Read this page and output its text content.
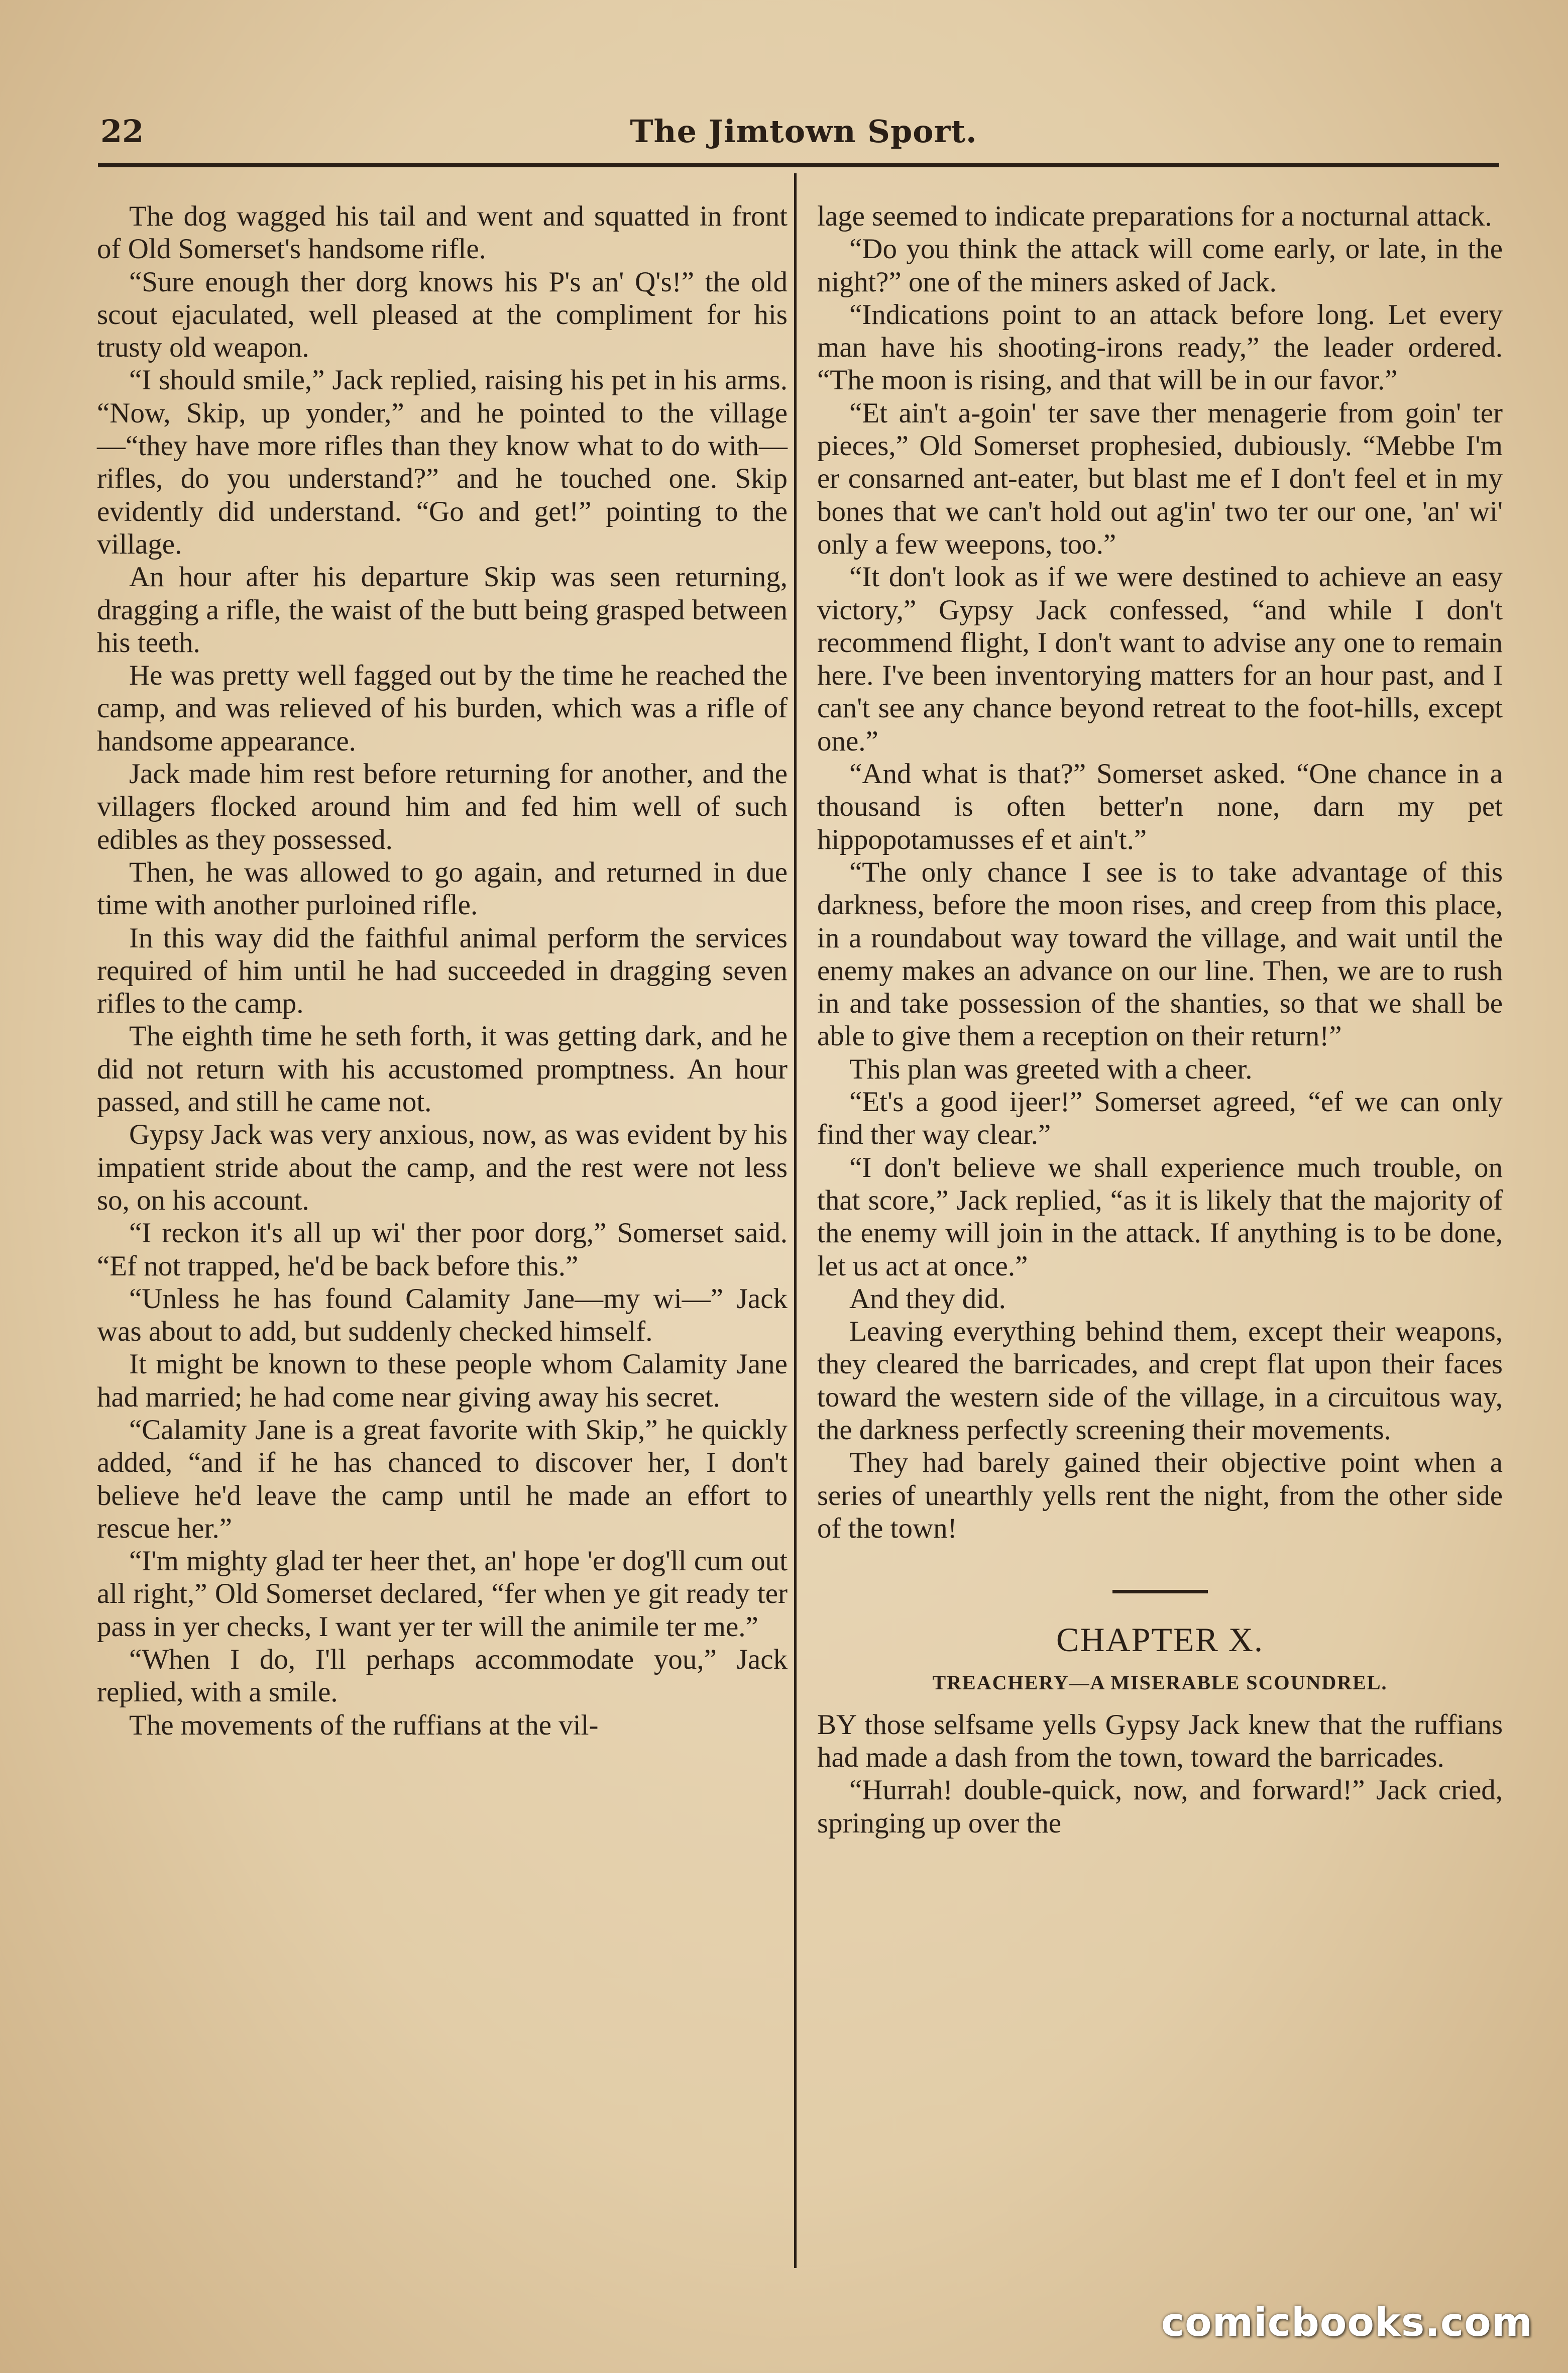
22	The Jimtown Sport.

The dog wagged his tail and went and squatted in front of Old Somerset's handsome rifle.

“Sure enough ther dorg knows his P's an' Q's!” the old scout ejaculated, well pleased at the compliment for his trusty old weapon.

“I should smile,” Jack replied, raising his pet in his arms. “Now, Skip, up yonder,” and he pointed to the village—“they have more rifles than they know what to do with—rifles, do you understand?” and he touched one. Skip evidently did understand. “Go and get!” pointing to the village.

An hour after his departure Skip was seen returning, dragging a rifle, the waist of the butt being grasped between his teeth.

He was pretty well fagged out by the time he reached the camp, and was relieved of his burden, which was a rifle of handsome appearance.

Jack made him rest before returning for another, and the villagers flocked around him and fed him well of such edibles as they possessed.

Then, he was allowed to go again, and returned in due time with another purloined rifle.

In this way did the faithful animal perform the services required of him until he had succeeded in dragging seven rifles to the camp.

The eighth time he seth forth, it was getting dark, and he did not return with his accustomed promptness. An hour passed, and still he came not.

Gypsy Jack was very anxious, now, as was evident by his impatient stride about the camp, and the rest were not less so, on his account.

“I reckon it's all up wi' ther poor dorg,” Somerset said. “Ef not trapped, he'd be back before this.”

“Unless he has found Calamity Jane—my wi—” Jack was about to add, but suddenly checked himself.

It might be known to these people whom Calamity Jane had married; he had come near giving away his secret.

“Calamity Jane is a great favorite with Skip,” he quickly added, “and if he has chanced to discover her, I don't believe he'd leave the camp until he made an effort to rescue her.”

“I'm mighty glad ter heer thet, an' hope 'er dog'll cum out all right,” Old Somerset declared, “fer when ye git ready ter pass in yer checks, I want yer ter will the animile ter me.”

“When I do, I'll perhaps accommodate you,” Jack replied, with a smile.

The movements of the ruffians at the vil-

lage seemed to indicate preparations for a nocturnal attack.

“Do you think the attack will come early, or late, in the night?” one of the miners asked of Jack.

“Indications point to an attack before long. Let every man have his shooting-irons ready,” the leader ordered. “The moon is rising, and that will be in our favor.”

“Et ain't a-goin' ter save ther menagerie from goin' ter pieces,” Old Somerset prophesied, dubiously. “Mebbe I'm er consarned ant-eater, but blast me ef I don't feel et in my bones that we can't hold out ag'in' two ter our one, 'an' wi' only a few weepons, too.”

“It don't look as if we were destined to achieve an easy victory,” Gypsy Jack confessed, “and while I don't recommend flight, I don't want to advise any one to remain here. I've been inventorying matters for an hour past, and I can't see any chance beyond retreat to the foot-hills, except one.”

“And what is that?” Somerset asked. “One chance in a thousand is often better'n none, darn my pet hippopotamusses ef et ain't.”

“The only chance I see is to take advantage of this darkness, before the moon rises, and creep from this place, in a roundabout way toward the village, and wait until the enemy makes an advance on our line. Then, we are to rush in and take possession of the shanties, so that we shall be able to give them a reception on their return!”

This plan was greeted with a cheer.

“Et's a good ijeer!” Somerset agreed, “ef we can only find ther way clear.”

“I don't believe we shall experience much trouble, on that score,” Jack replied, “as it is likely that the majority of the enemy will join in the attack. If anything is to be done, let us act at once.”

And they did.

Leaving everything behind them, except their weapons, they cleared the barricades, and crept flat upon their faces toward the western side of the village, in a circuitous way, the darkness perfectly screening their movements.

They had barely gained their objective point when a series of unearthly yells rent the night, from the other side of the town!

CHAPTER X.
TREACHERY—A MISERABLE SCOUNDREL.

BY those selfsame yells Gypsy Jack knew that the ruffians had made a dash from the town, toward the barricades.

“Hurrah! double-quick, now, and forward!” Jack cried, springing up over the

comicbooks.com
